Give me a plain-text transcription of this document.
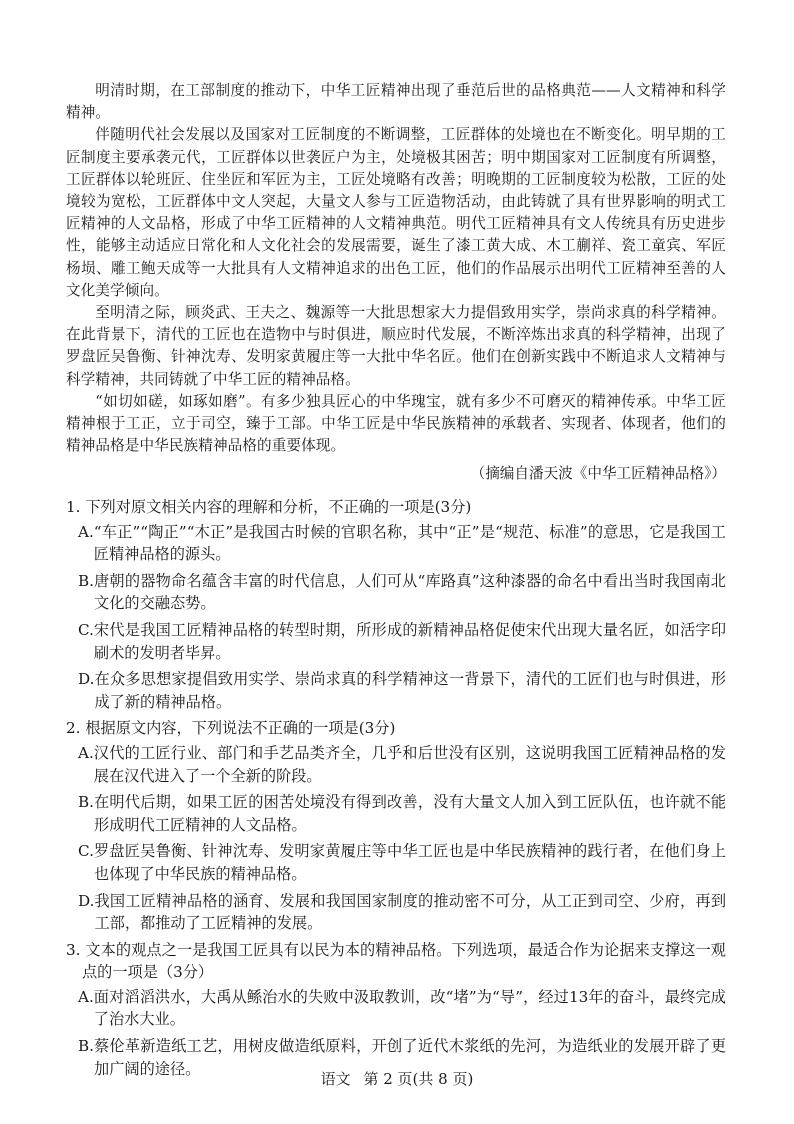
明清时期，在工部制度的推动下，中华工匠精神出现了垂范后世的品格典范——人文精神和科学精神。

伴随明代社会发展以及国家对工匠制度的不断调整，工匠群体的处境也在不断变化。明早期的工匠制度主要承袭元代，工匠群体以世袭匠户为主，处境极其困苦；明中期国家对工匠制度有所调整，工匠群体以轮班匠、住坐匠和军匠为主，工匠处境略有改善；明晚期的工匠制度较为松散，工匠的处境较为宽松，工匠群体中文人突起，大量文人参与工匠造物活动，由此铸就了具有世界影响的明式工匠精神的人文品格，形成了中华工匠精神的人文精神典范。明代工匠精神具有文人传统具有历史进步性，能够主动适应日常化和人文化社会的发展需要，诞生了漆工黄大成、木工蒯祥、瓷工童宾、军匠杨埙、雕工鲍天成等一大批具有人文精神追求的出色工匠，他们的作品展示出明代工匠精神至善的人文化美学倾向。

至明清之际，顾炎武、王夫之、魏源等一大批思想家大力提倡致用实学，崇尚求真的科学精神。在此背景下，清代的工匠也在造物中与时俱进，顺应时代发展，不断淬炼出求真的科学精神，出现了罗盘匠吴鲁衡、针神沈寿、发明家黄履庄等一大批中华名匠。他们在创新实践中不断追求人文精神与科学精神，共同铸就了中华工匠的精神品格。

“如切如磋，如琢如磨”。有多少独具匠心的中华瑰宝，就有多少不可磨灭的精神传承。中华工匠精神根于工正，立于司空，臻于工部。中华工匠是中华民族精神的承载者、实现者、体现者，他们的精神品格是中华民族精神品格的重要体现。

（摘编自潘天波《中华工匠精神品格》）

1. 下列对原文相关内容的理解和分析，不正确的一项是(3分)

A. “车正”“陶正”“木正”是我国古时候的官职名称，其中“正”是“规范、标准”的意思，它是我国工匠精神品格的源头。
B. 唐朝的器物命名蕴含丰富的时代信息，人们可从“库路真”这种漆器的命名中看出当时我国南北文化的交融态势。
C. 宋代是我国工匠精神品格的转型时期，所形成的新精神品格促使宋代出现大量名匠，如活字印刷术的发明者毕昇。
D. 在众多思想家提倡致用实学、崇尚求真的科学精神这一背景下，清代的工匠们也与时俱进，形成了新的精神品格。

2. 根据原文内容，下列说法不正确的一项是(3分)

A. 汉代的工匠行业、部门和手艺品类齐全，几乎和后世没有区别，这说明我国工匠精神品格的发展在汉代进入了一个全新的阶段。
B. 在明代后期，如果工匠的困苦处境没有得到改善，没有大量文人加入到工匠队伍，也许就不能形成明代工匠精神的人文品格。
C. 罗盘匠吴鲁衡、针神沈寿、发明家黄履庄等中华工匠也是中华民族精神的践行者，在他们身上也体现了中华民族的精神品格。
D. 我国工匠精神品格的涵育、发展和我国国家制度的推动密不可分，从工正到司空、少府，再到工部，都推动了工匠精神的发展。

3. 文本的观点之一是我国工匠具有以民为本的精神品格。下列选项，最适合作为论据来支撑这一观点的一项是（3分）

A. 面对滔滔洪水，大禹从鲧治水的失败中汲取教训，改“堵”为“导”，经过13年的奋斗，最终完成了治水大业。
B. 蔡伦革新造纸工艺，用树皮做造纸原料，开创了近代木浆纸的先河，为造纸业的发展开辟了更加广阔的途径。
语文 第 2 页(共 8 页)
